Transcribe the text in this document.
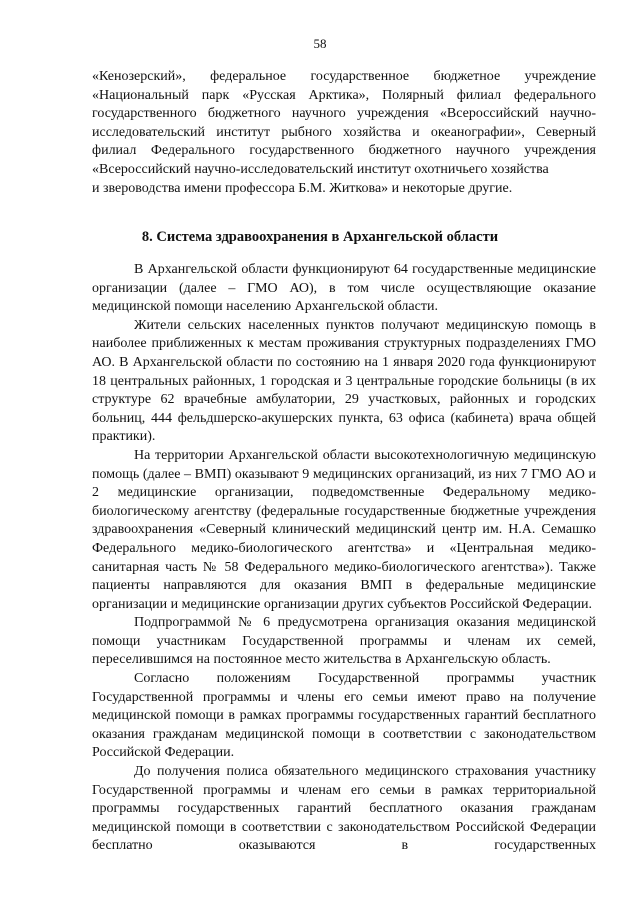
58

«Кенозерский», федеральное государственное бюджетное учреждение «Национальный парк «Русская Арктика», Полярный филиал федерального государственного бюджетного научного учреждения «Всероссийский научно-исследовательский институт рыбного хозяйства и океанографии», Северный филиал Федерального государственного бюджетного научного учреждения «Всероссийский научно-исследовательский институт охотничьего хозяйства

и звероводства имени профессора Б.М. Житкова» и некоторые другие.

8. Система здравоохранения в Архангельской области

В Архангельской области функционируют 64 государственные медицинские организации (далее – ГМО АО), в том числе осуществляющие оказание медицинской помощи населению Архангельской области.

Жители сельских населенных пунктов получают медицинскую помощь в наиболее приближенных к местам проживания структурных подразделениях ГМО АО. В Архангельской области по состоянию на 1 января 2020 года функционируют 18 центральных районных, 1 городская и 3 центральные городские больницы (в их структуре 62 врачебные амбулатории, 29 участковых, районных и городских больниц, 444 фельдшерско-акушерских пункта, 63 офиса (кабинета) врача общей практики).

На территории Архангельской области высокотехнологичную медицинскую помощь (далее – ВМП) оказывают 9 медицинских организаций, из них 7 ГМО АО и 2 медицинские организации, подведомственные Федеральному медико-биологическому агентству (федеральные государственные бюджетные учреждения здравоохранения «Северный клинический медицинский центр им. Н.А. Семашко Федерального медико-биологического агентства» и «Центральная медико-санитарная часть № 58 Федерального медико-биологического агентства»). Также пациенты направляются для оказания ВМП в федеральные медицинские организации и медицинские организации других субъектов Российской Федерации.

Подпрограммой № 6 предусмотрена организация оказания медицинской помощи участникам Государственной программы и членам их семей, переселившимся на постоянное место жительства в Архангельскую область.

Согласно положениям Государственной программы участник Государственной программы и члены его семьи имеют право на получение медицинской помощи в рамках программы государственных гарантий бесплатного оказания гражданам медицинской помощи в соответствии с законодательством Российской Федерации.

До получения полиса обязательного медицинского страхования участнику Государственной программы и членам его семьи в рамках территориальной программы государственных гарантий бесплатного оказания гражданам медицинской помощи в соответствии с законодательством Российской Федерации бесплатно оказываются в государственных
